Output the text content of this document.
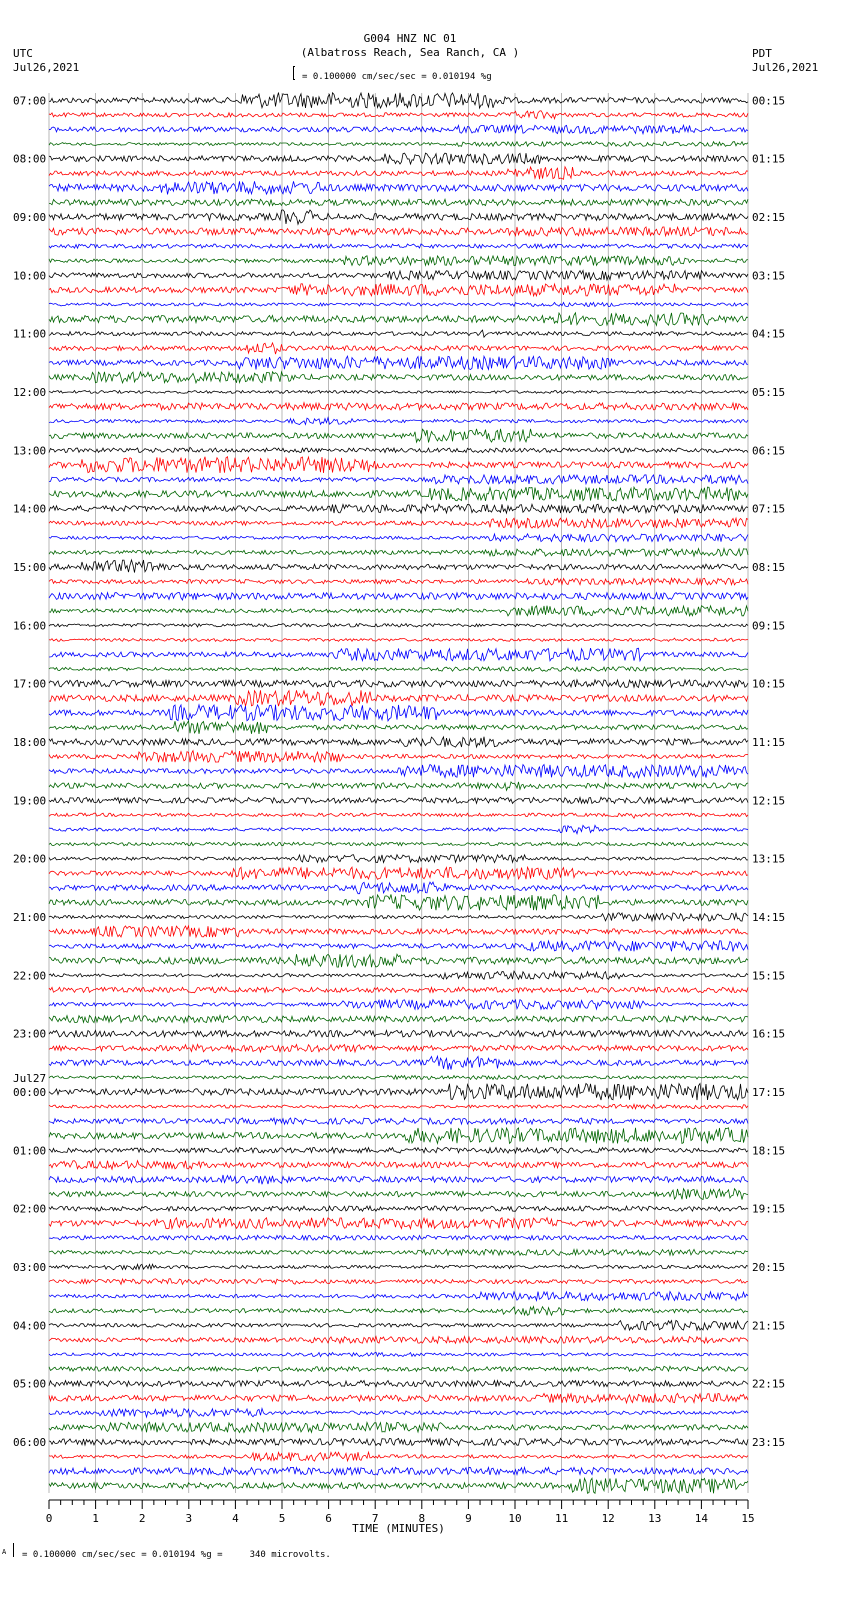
G004 HNZ NC 01
(Albatross Reach, Sea Ranch, CA )
UTC
Jul26,2021
PDT
Jul26,2021
= 0.100000 cm/sec/sec = 0.010194 %g
07:00
08:00
09:00
10:00
11:00
12:00
13:00
14:00
15:00
16:00
17:00
18:00
19:00
20:00
21:00
22:00
23:00
00:00
01:00
02:00
03:00
04:00
05:00
06:00
00:15
01:15
02:15
03:15
04:15
05:15
06:15
07:15
08:15
09:15
10:15
11:15
12:15
13:15
14:15
15:15
16:15
17:15
18:15
19:15
20:15
21:15
22:15
23:15
Jul27
0	1	2	3	4	5	6	7	8	9	10	11	12	13	14	15
TIME (MINUTES)
A = 0.100000 cm/sec/sec = 0.010194 %g =     340 microvolts.
